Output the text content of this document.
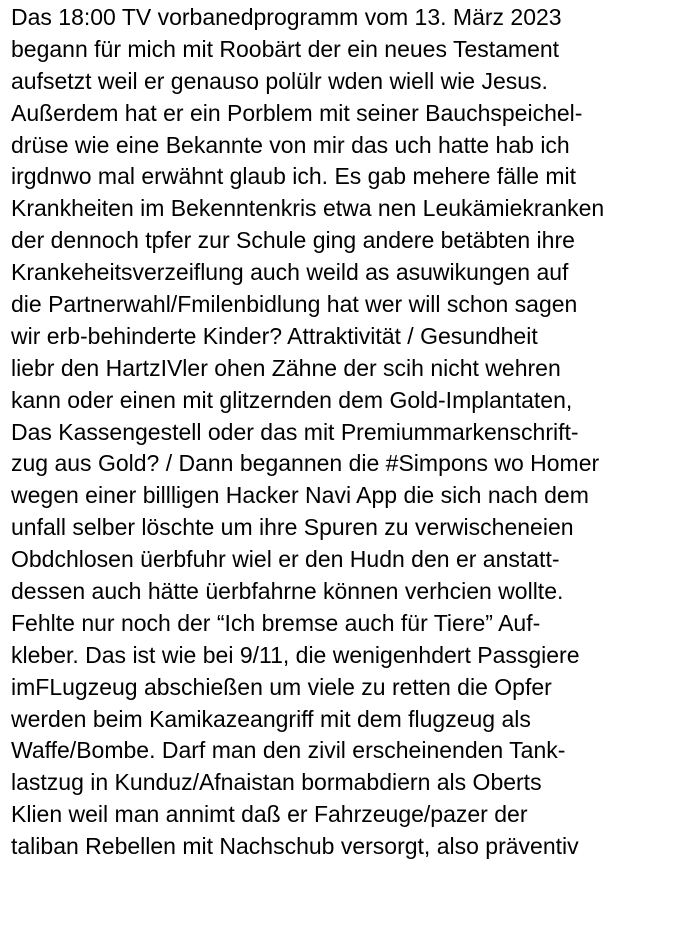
Das 18:00 TV vorbanedprogramm vom 13. März 2023
begann für mich mit Roobärt der ein neues Testament
aufsetzt weil er genauso polülr wden wiell wie Jesus.
Außerdem hat er ein Porblem mit seiner Bauchspeichel-
drüse wie eine Bekannte von mir das uch hatte hab ich
irgdnwo mal erwähnt glaub ich. Es gab mehere fälle mit
Krankheiten im Bekenntenkris etwa nen Leukämiekranken
der dennoch tpfer zur Schule ging andere betäbten ihre
Krankeheitsverzeiflung auch weild as asuwikungen auf
die Partnerwahl/Fmilenbidlung hat wer will schon sagen
wir erb-behinderte Kinder? Attraktivität / Gesundheit
liebr den HartzIVler ohen Zähne der scih nicht wehren
kann oder einen mit glitzernden dem Gold-Implantaten,
Das Kassengestell oder das mit Premiummarkenschrift-
zug aus Gold? / Dann begannen die #Simpons wo Homer
wegen einer billligen Hacker Navi App die sich nach dem
unfall selber löschte um ihre Spuren zu verwischeneien
Obdchlosen üerbfuhr wiel er den Hudn den er anstatt-
dessen auch hätte üerbfahrne können verhcien wollte.
Fehlte nur noch der “Ich bremse auch für Tiere” Auf-
kleber. Das ist wie bei 9/11, die wenigenhdert Passgiere
imFLugzeug abschießen um viele zu retten die Opfer
werden beim Kamikazeangriff mit dem flugzeug als
Waffe/Bombe. Darf man den zivil erscheinenden Tank-
lastzug in Kunduz/Afnaistan bormabdiern als Oberts
Klien weil man annimt daß er Fahrzeuge/pazer der
taliban Rebellen mit Nachschub versorgt, also präventiv
